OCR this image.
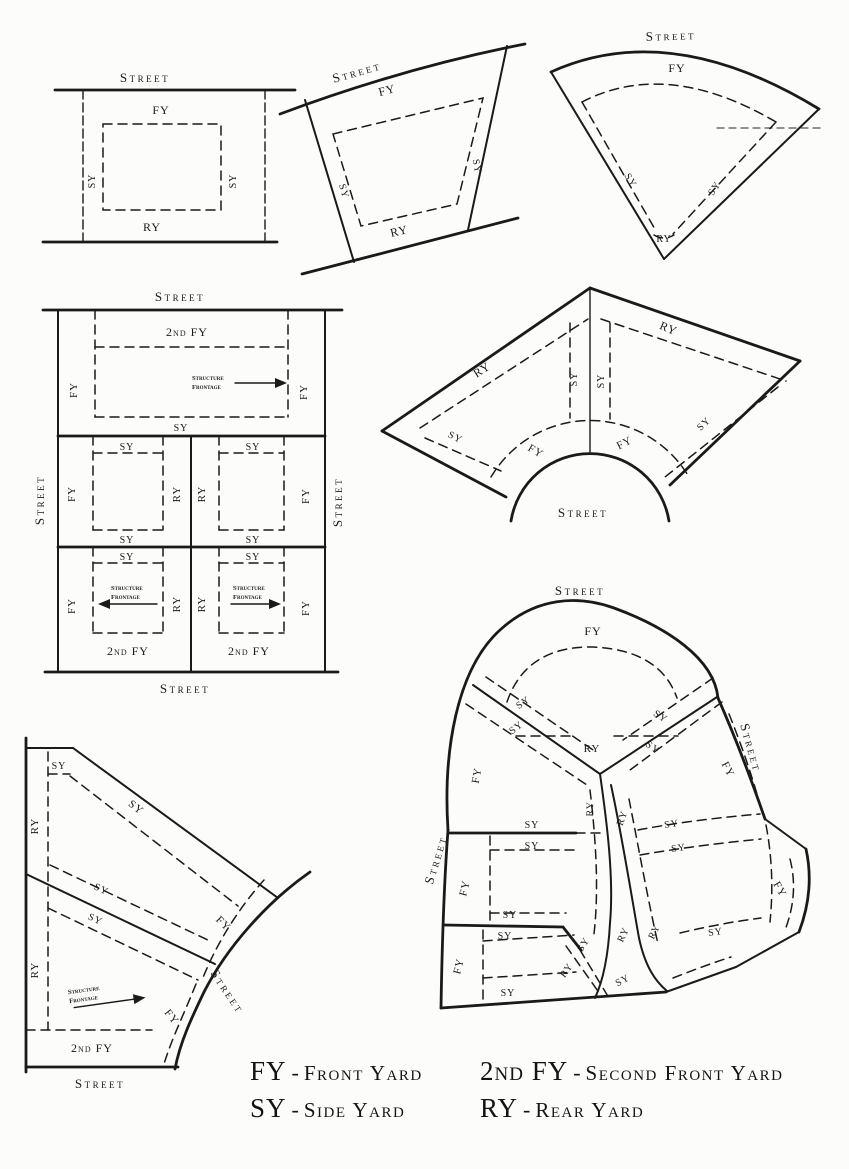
Street
FY
SY	SY
RY
Street
FY
SY
SY
RY
Street
FY
SY	SY
RY
Street
Street	Street
Street
2nd FY
FY	FY
Structure
Frontage
SY
SY
SY
SY
SY
FY	RY RY	FY
SY	SY
FY	RY RY	FY
Structure
Frontage
Structure
Frontage
2nd FY	2nd FY
RY
RY
SY SY
SY
SY
FY	FY
Street
SY
RY
SY
FY
SY
SY
RY
Structure
Frontage
FY
Street
2nd FY
Street
Street
FY
SY
SY
RY
SY
SY
FY	FY Street
Street
SY
SY
FY
RY
RY	SY
SY
FY
SY
SY
SY
FY
SY
RY
RY RY
SY
SY
FY - Front Yard	2nd FY - Second Front Yard
SY - Side Yard	RY - Rear Yard
